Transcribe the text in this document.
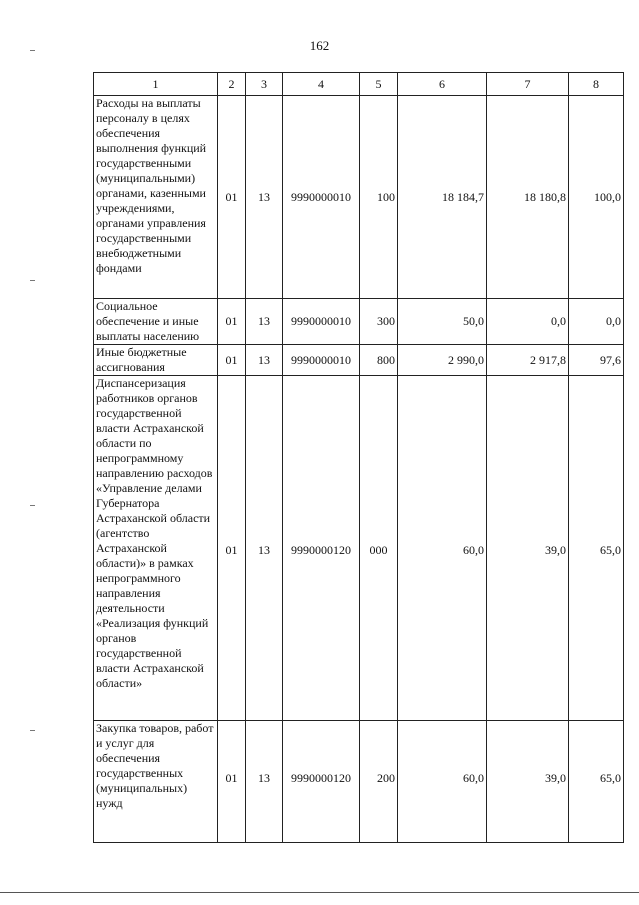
162
1	2	3	4	5	6	7	8
Расходы на выплаты персоналу в целях обеспечения выполнения функций государственными (муниципальными) органами, казенными учреждениями, органами управления государственными внебюджетными фондами	01	13	9990000010	100	18 184,7	18 180,8	100,0
Социальное обеспечение и иные выплаты населению	01	13	9990000010	300	50,0	0,0	0,0
Иные бюджетные ассигнования	01	13	9990000010	800	2 990,0	2 917,8	97,6
Диспансеризация работников органов государственной власти Астраханской области по непрограммному направлению расходов «Управление делами Губернатора Астраханской области (агентство Астраханской области)» в рамках непрограммного направления деятельности «Реализация функций органов государственной власти Астраханской области»	01	13	9990000120	000	60,0	39,0	65,0
Закупка товаров, работ и услуг для обеспечения государственных (муниципальных) нужд	01	13	9990000120	200	60,0	39,0	65,0
